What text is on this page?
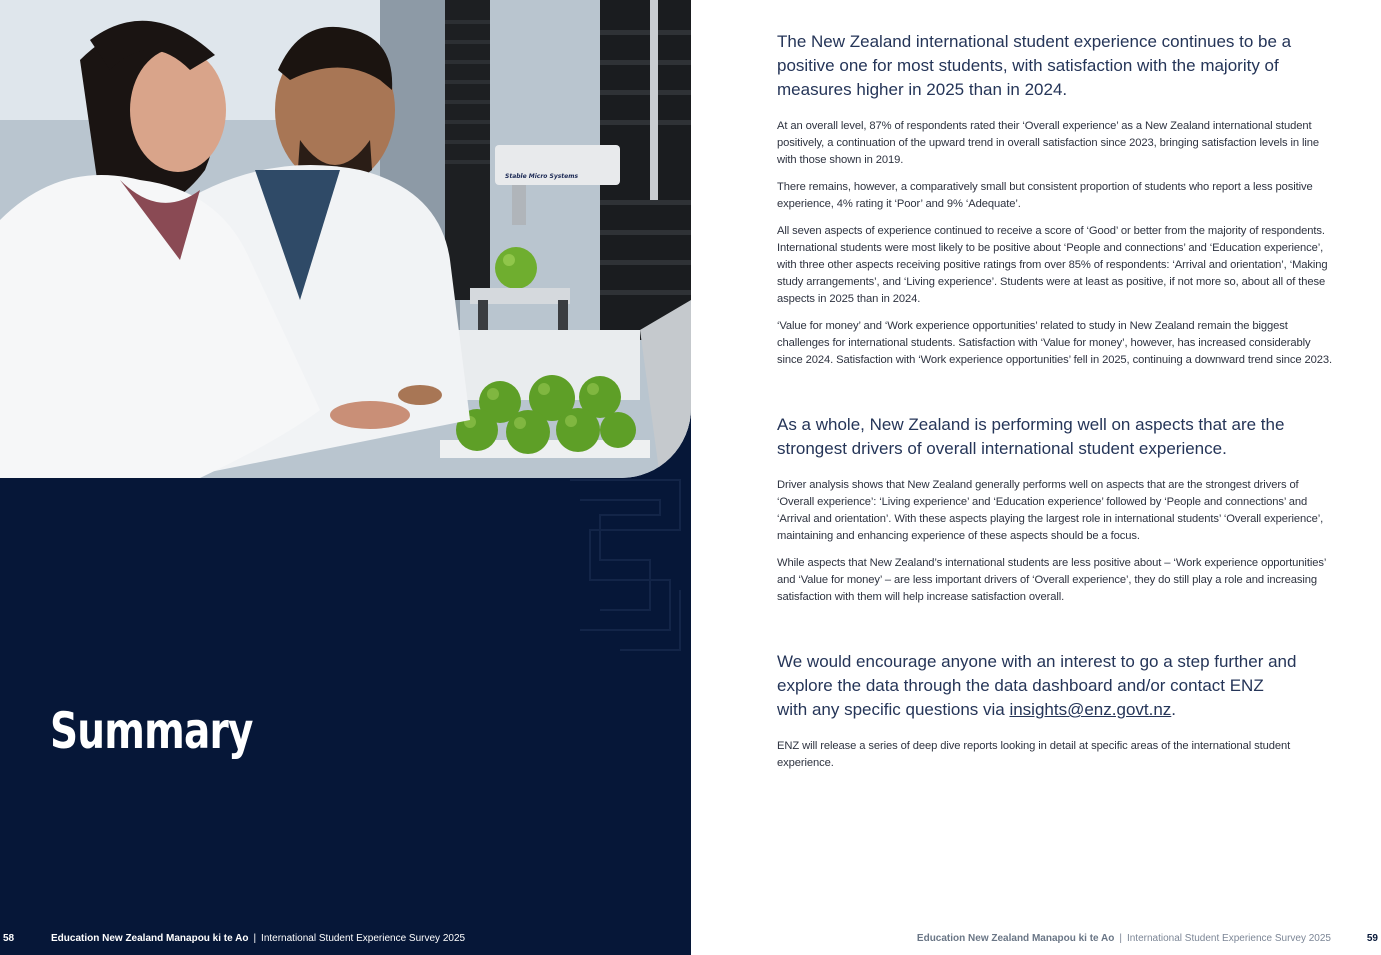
Stable Micro Systems
Summary
58	Education New Zealand Manapou ki te Ao | International Student Experience Survey 2025

The New Zealand international student experience continues to be a positive one for most students, with satisfaction with the majority of measures higher in 2025 than in 2024.

At an overall level, 87% of respondents rated their ‘Overall experience’ as a New Zealand international student positively, a continuation of the upward trend in overall satisfaction since 2023, bringing satisfaction levels in line with those shown in 2019.

There remains, however, a comparatively small but consistent proportion of students who report a less positive experience, 4% rating it ‘Poor’ and 9% ‘Adequate’.

All seven aspects of experience continued to receive a score of ‘Good’ or better from the majority of respondents. International students were most likely to be positive about ‘People and connections’ and ‘Education experience’, with three other aspects receiving positive ratings from over 85% of respondents: ‘Arrival and orientation’, ‘Making study arrangements’, and ‘Living experience’. Students were at least as positive, if not more so, about all of these aspects in 2025 than in 2024.

‘Value for money’ and ‘Work experience opportunities’ related to study in New Zealand remain the biggest challenges for international students. Satisfaction with ‘Value for money’, however, has increased considerably since 2024. Satisfaction with ‘Work experience opportunities’ fell in 2025, continuing a downward trend since 2023.

As a whole, New Zealand is performing well on aspects that are the strongest drivers of overall international student experience.

Driver analysis shows that New Zealand generally performs well on aspects that are the strongest drivers of ‘Overall experience’: ‘Living experience’ and ‘Education experience’ followed by ‘People and connections’ and ‘Arrival and orientation’. With these aspects playing the largest role in international students’ ‘Overall experience’, maintaining and enhancing experience of these aspects should be a focus.

While aspects that New Zealand’s international students are less positive about – ‘Work experience opportunities’ and ‘Value for money’ – are less important drivers of ‘Overall experience’, they do still play a role and increasing satisfaction with them will help increase satisfaction overall.

We would encourage anyone with an interest to go a step further and explore the data through the data dashboard and/or contact ENZ with any specific questions via insights@enz.govt.nz.

ENZ will release a series of deep dive reports looking in detail at specific areas of the international student experience.

Education New Zealand Manapou ki te Ao | International Student Experience Survey 2025	59
